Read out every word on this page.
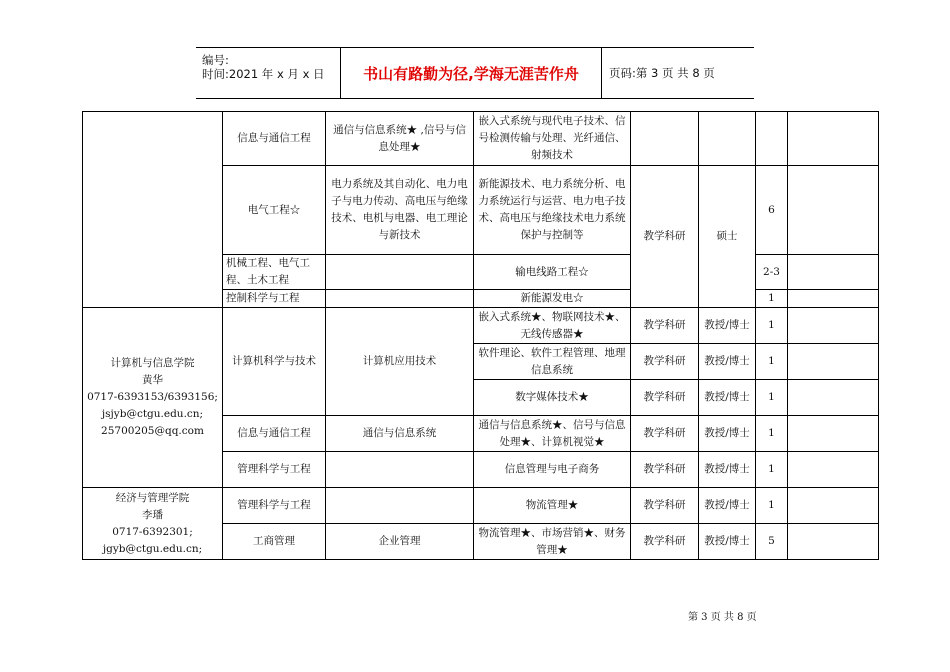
编号:
时间:2021 年 x 月 x 日	书山有路勤为径,学海无涯苦作舟	页码:第 3 页 共 8 页
	信息与通信工程	通信与信息系统★ ,信号与信息处理★	嵌入式系统与现代电子技术、信号检测传输与处理、光纤通信、射频技术				
	电气工程☆	电力系统及其自动化、电力电子与电力传动、高电压与绝缘技术、电机与电器、电工理论与新技术	新能源技术、电力系统分析、电力系统运行与运营、电力电子技术、高电压与绝缘技术电力系统保护与控制等	教学科研	硕士	6	
	机械工程、电气工程、土木工程		输电线路工程☆			2-3	
	控制科学与工程		新能源发电☆			1	

计算机与信息学院
黄华
0717-6393153/6393156;
jsjyb@ctgu.edu.cn;
25700205@qq.com	计算机科学与技术	计算机应用技术	嵌入式系统★、物联网技术★、无线传感器★	教学科研	教授/博士	1	
			软件理论、软件工程管理、地理信息系统	教学科研	教授/博士	1	
			数字媒体技术★	教学科研	教授/博士	1	
	信息与通信工程	通信与信息系统	通信与信息系统★、信号与信息处理★、计算机视觉★	教学科研	教授/博士	1	
	管理科学与工程		信息管理与电子商务	教学科研	教授/博士	1	

经济与管理学院
李璠
0717-6392301;
jgyb@ctgu.edu.cn;	管理科学与工程		物流管理★	教学科研	教授/博士	1	
	工商管理	企业管理	物流管理★、市场营销★、财务管理★	教学科研	教授/博士	5	
第 3 页 共 8 页
